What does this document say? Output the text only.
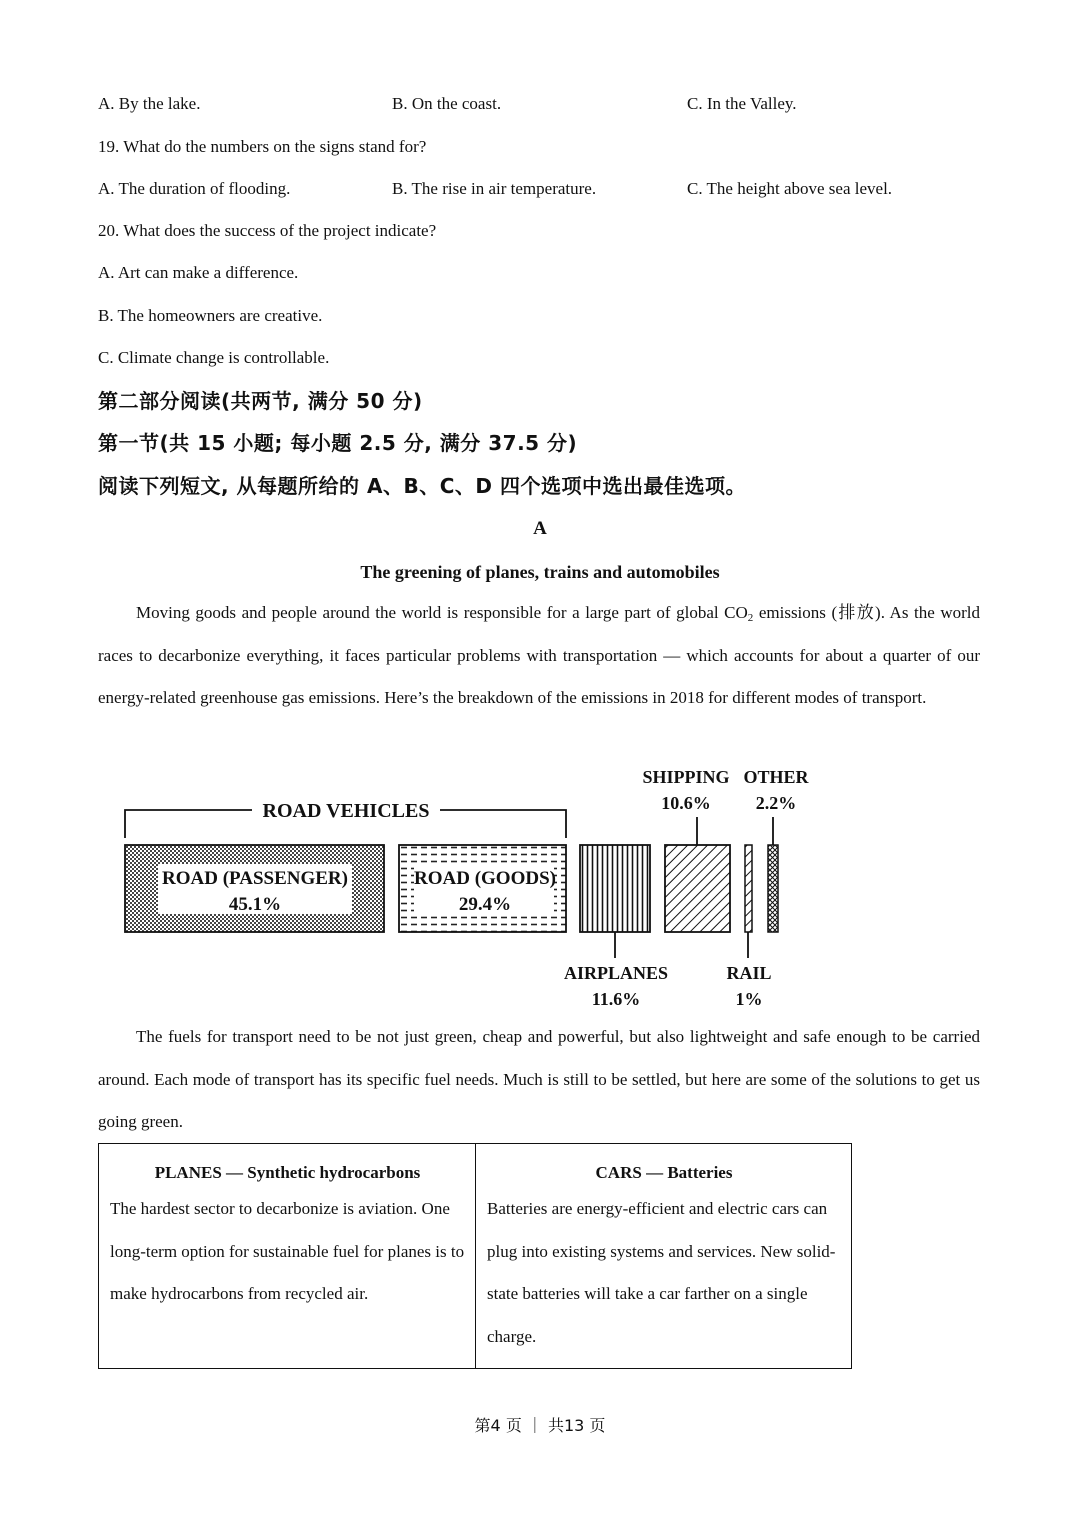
A. By the lake.	B. On the coast.	C. In the Valley.
19. What do the numbers on the signs stand for?
A. The duration of flooding.	B. The rise in air temperature.	C. The height above sea level.
20. What does the success of the project indicate?
A. Art can make a difference.
B. The homeowners are creative.
C. Climate change is controllable.
第二部分阅读(共两节, 满分 50 分)
第一节(共 15 小题; 每小题 2.5 分, 满分 37.5 分)
阅读下列短文, 从每题所给的 A、B、C、D 四个选项中选出最佳选项。
A
The greening of planes, trains and automobiles
Moving goods and people around the world is responsible for a large part of global $CO_2$ emissions (排放). As the world races to decarbonize everything, it faces particular problems with transportation — which accounts for about a quarter of our energy-related greenhouse gas emissions. Here’s the breakdown of the emissions in 2018 for different modes of transport.
ROAD VEHICLES
ROAD (PASSENGER)
45.1%
ROAD (GOODS)
29.4%
AIRPLANES
11.6%
SHIPPING
10.6%
RAIL
1%
OTHER
2.2%
The fuels for transport need to be not just green, cheap and powerful, but also lightweight and safe enough to be carried around. Each mode of transport has its specific fuel needs. Much is still to be settled, but here are some of the solutions to get us going green.
PLANES — Synthetic hydrocarbons
The hardest sector to decarbonize is aviation. One long-term option for sustainable fuel for planes is to make hydrocarbons from recycled air.
CARS — Batteries
Batteries are energy-efficient and electric cars can plug into existing systems and services. New solid-state batteries will take a car farther on a single charge.
第4 页 ｜ 共13 页
